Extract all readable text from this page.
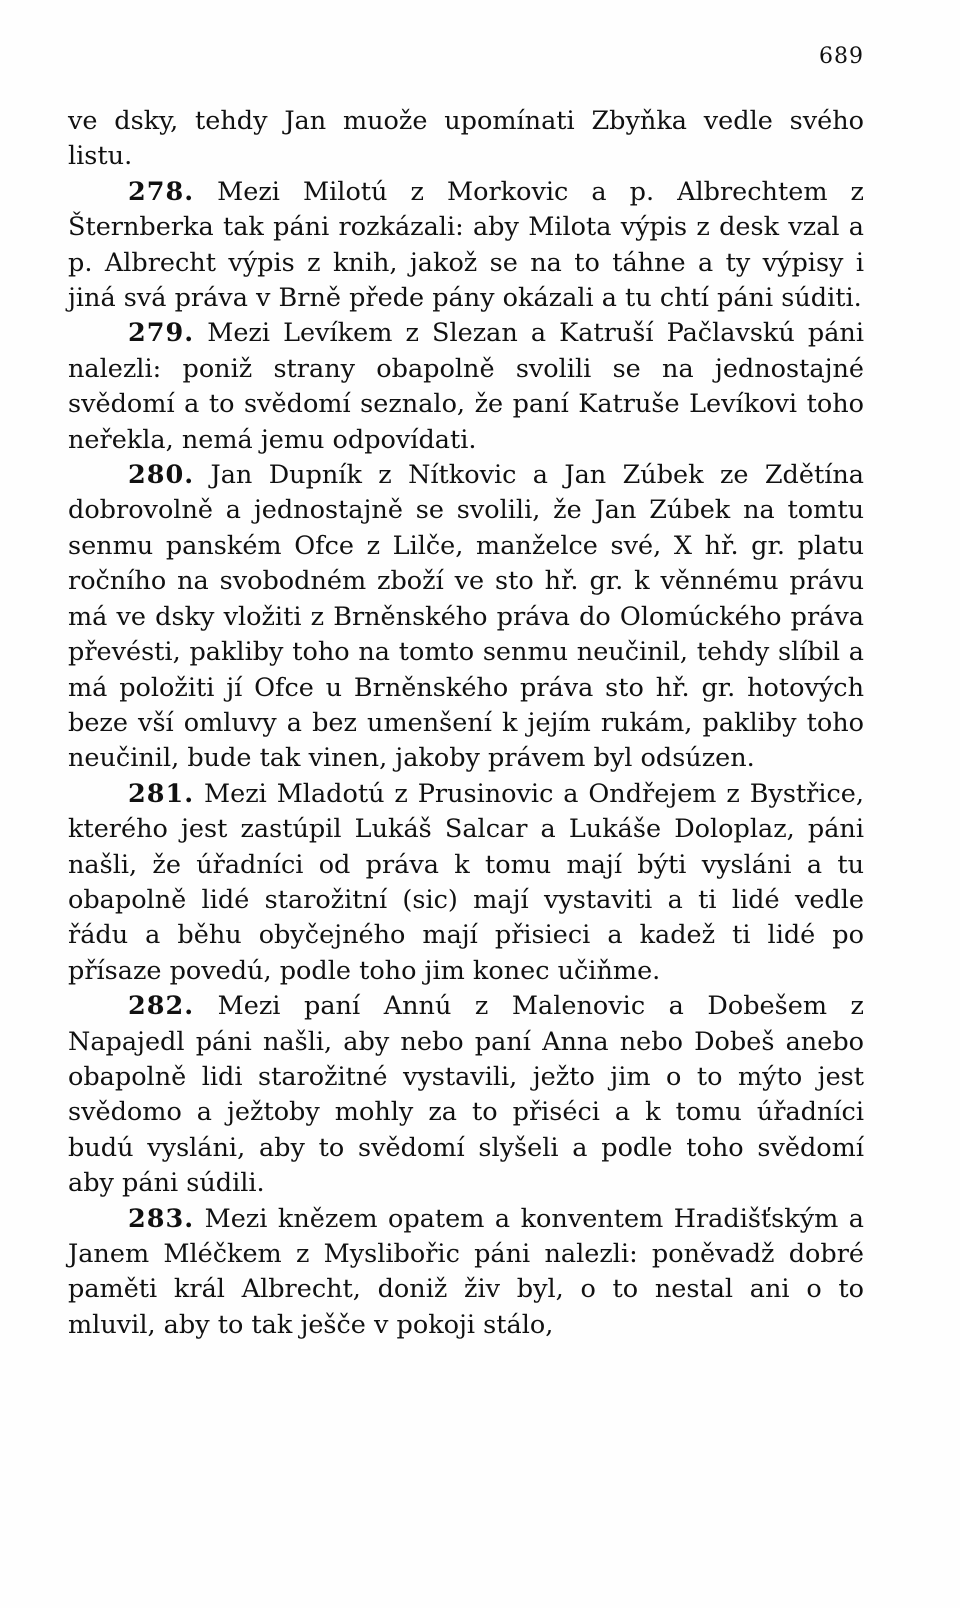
689

ve dsky, tehdy Jan muože upomínati Zbyňka vedle svého listu.

278. Mezi Milotú z Morkovic a p. Albrechtem z Šternberka tak páni rozkázali: aby Milota výpis z desk vzal a p. Albrecht výpis z knih, jakož se na to táhne a ty výpisy i jiná svá práva v Brně přede pány okázali a tu chtí páni súditi.

279. Mezi Levíkem z Slezan a Katruší Pačlavskú páni nalezli: poniž strany obapolně svolili se na jednostajné svědomí a to svědomí seznalo, že paní Katruše Levíkovi toho neřekla, nemá jemu odpovídati.

280. Jan Dupník z Nítkovic a Jan Zúbek ze Zdětína dobrovolně a jednostajně se svolili, že Jan Zúbek na tomtu senmu panském Ofce z Lilče, manželce své, X hř. gr. platu ročního na svobodném zboží ve sto hř. gr. k věnnému právu má ve dsky vložiti z Brněnského práva do Olomúckého práva převésti, pakliby toho na tomto senmu neučinil, tehdy slíbil a má položiti jí Ofce u Brněnského práva sto hř. gr. hotových beze vší omluvy a bez umenšení k jejím rukám, pakliby toho neučinil, bude tak vinen, jakoby právem byl odsúzen.

281. Mezi Mladotú z Prusinovic a Ondřejem z Bystřice, kterého jest zastúpil Lukáš Salcar a Lukáše Doloplaz, páni našli, že úřadníci od práva k tomu mají býti vysláni a tu obapolně lidé starožitní (sic) mají vystaviti a ti lidé vedle řádu a běhu obyčejného mají přisieci a kadež ti lidé po přísaze povedú, podle toho jim konec učiňme.

282. Mezi paní Annú z Malenovic a Dobešem z Napajedl páni našli, aby nebo paní Anna nebo Dobeš anebo obapolně lidi starožitné vystavili, ježto jim o to mýto jest svědomo a ježtoby mohly za to přiséci a k tomu úřadníci budú vysláni, aby to svědomí slyšeli a podle toho svědomí aby páni súdili.

283. Mezi knězem opatem a konventem Hradišťským a Janem Mléčkem z Myslibořic páni nalezli: poněvadž dobré paměti král Albrecht, doniž živ byl, o to nestal ani o to mluvil, aby to tak ješče v pokoji stálo,
